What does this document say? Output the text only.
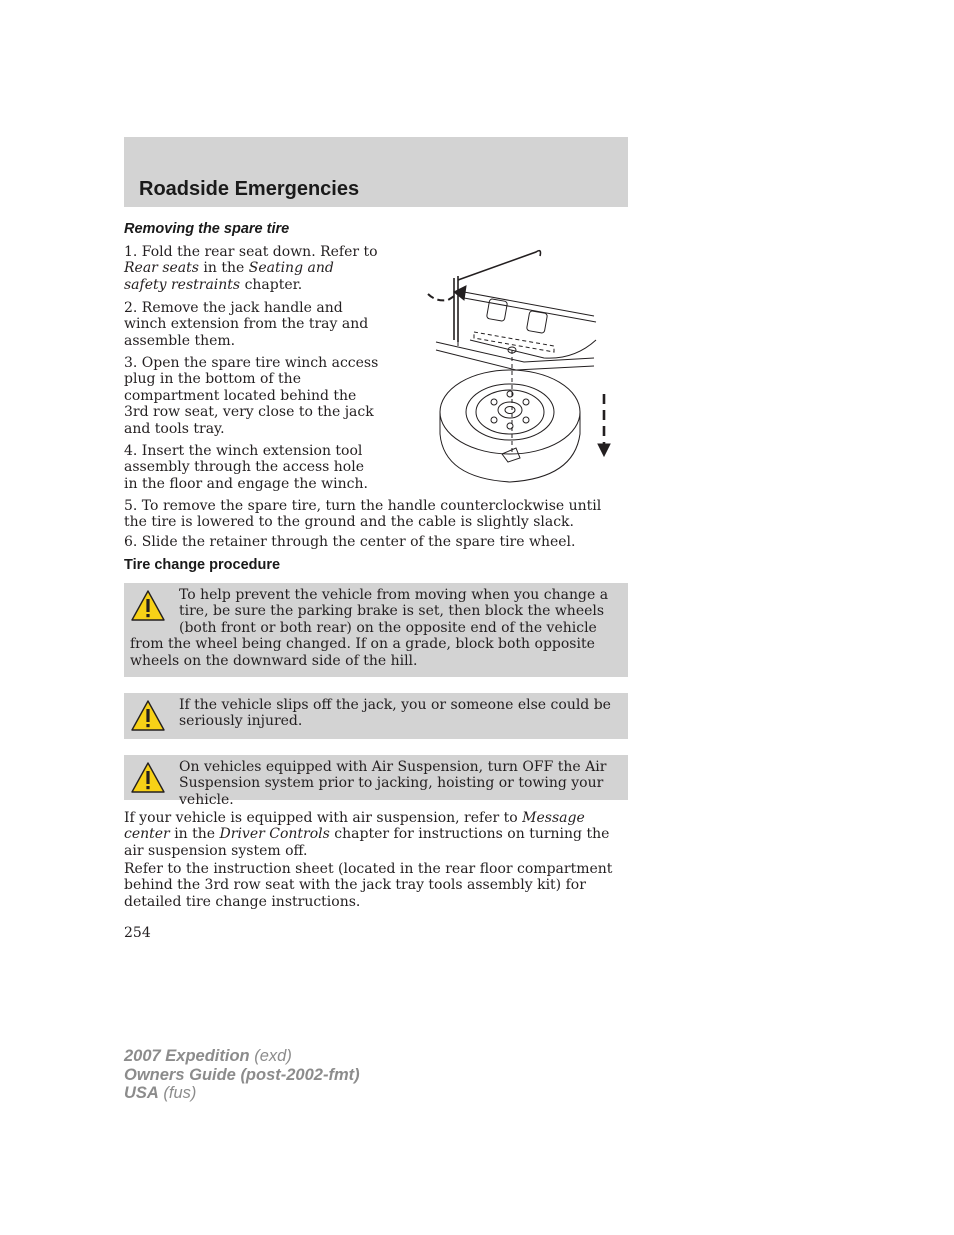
Roadside Emergencies
Removing the spare tire

1. Fold the rear seat down. Refer to Rear seats in the Seating and safety restraints chapter.

2. Remove the jack handle and winch extension from the tray and assemble them.

3. Open the spare tire winch access plug in the bottom of the compartment located behind the 3rd row seat, very close to the jack and tools tray.

4. Insert the winch extension tool assembly through the access hole in the floor and engage the winch.

5. To remove the spare tire, turn the handle counterclockwise until the tire is lowered to the ground and the cable is slightly slack.

6. Slide the retainer through the center of the spare tire wheel.

Tire change procedure
To help prevent the vehicle from moving when you change a tire, be sure the parking brake is set, then block the wheels (both front or both rear) on the opposite end of the vehicle from the wheel being changed. If on a grade, block both opposite wheels on the downward side of the hill.
If the vehicle slips off the jack, you or someone else could be seriously injured.
On vehicles equipped with Air Suspension, turn OFF the Air Suspension system prior to jacking, hoisting or towing your vehicle.

If your vehicle is equipped with air suspension, refer to Message center in the Driver Controls chapter for instructions on turning the air suspension system off.

Refer to the instruction sheet (located in the rear floor compartment behind the 3rd row seat with the jack tray tools assembly kit) for detailed tire change instructions.

254

2007 Expedition (exd)
Owners Guide (post-2002-fmt)
USA (fus)
